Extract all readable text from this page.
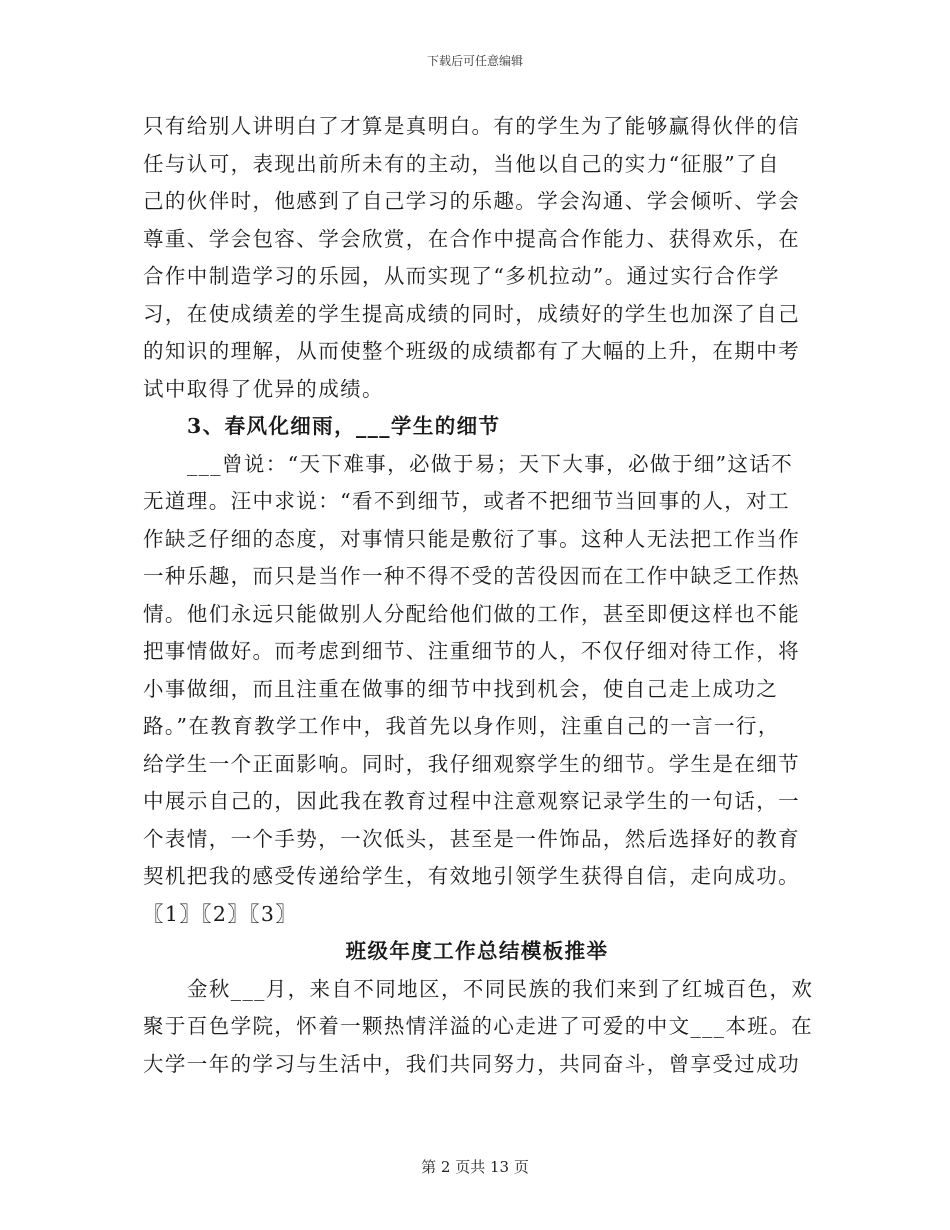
下载后可任意编辑
只有给别人讲明白了才算是真明白。有的学生为了能够赢得伙伴的信
任与认可，表现出前所未有的主动，当他以自己的实力“征服”了自
己的伙伴时，他感到了自己学习的乐趣。学会沟通、学会倾听、学会
尊重、学会包容、学会欣赏，在合作中提高合作能力、获得欢乐，在
合作中制造学习的乐园，从而实现了“多机拉动”。通过实行合作学
习，在使成绩差的学生提高成绩的同时，成绩好的学生也加深了自己
的知识的理解，从而使整个班级的成绩都有了大幅的上升，在期中考
试中取得了优异的成绩。
3、春风化细雨，___学生的细节
___曾说：“天下难事，必做于易；天下大事，必做于细”这话不
无道理。汪中求说：“看不到细节，或者不把细节当回事的人，对工
作缺乏仔细的态度，对事情只能是敷衍了事。这种人无法把工作当作
一种乐趣，而只是当作一种不得不受的苦役因而在工作中缺乏工作热
情。他们永远只能做别人分配给他们做的工作，甚至即便这样也不能
把事情做好。而考虑到细节、注重细节的人，不仅仔细对待工作，将
小事做细，而且注重在做事的细节中找到机会，使自己走上成功之
路。”在教育教学工作中，我首先以身作则，注重自己的一言一行，
给学生一个正面影响。同时，我仔细观察学生的细节。学生是在细节
中展示自己的，因此我在教育过程中注意观察记录学生的一句话，一
个表情，一个手势，一次低头，甚至是一件饰品，然后选择好的教育
契机把我的感受传递给学生，有效地引领学生获得自信，走向成功。
〖1〗〖2〗〖3〗
班级年度工作总结模板推举
金秋___月，来自不同地区，不同民族的我们来到了红城百色，欢
聚于百色学院，怀着一颗热情洋溢的心走进了可爱的中文___本班。在
大学一年的学习与生活中，我们共同努力，共同奋斗，曾享受过成功
第 2 页共 13 页
